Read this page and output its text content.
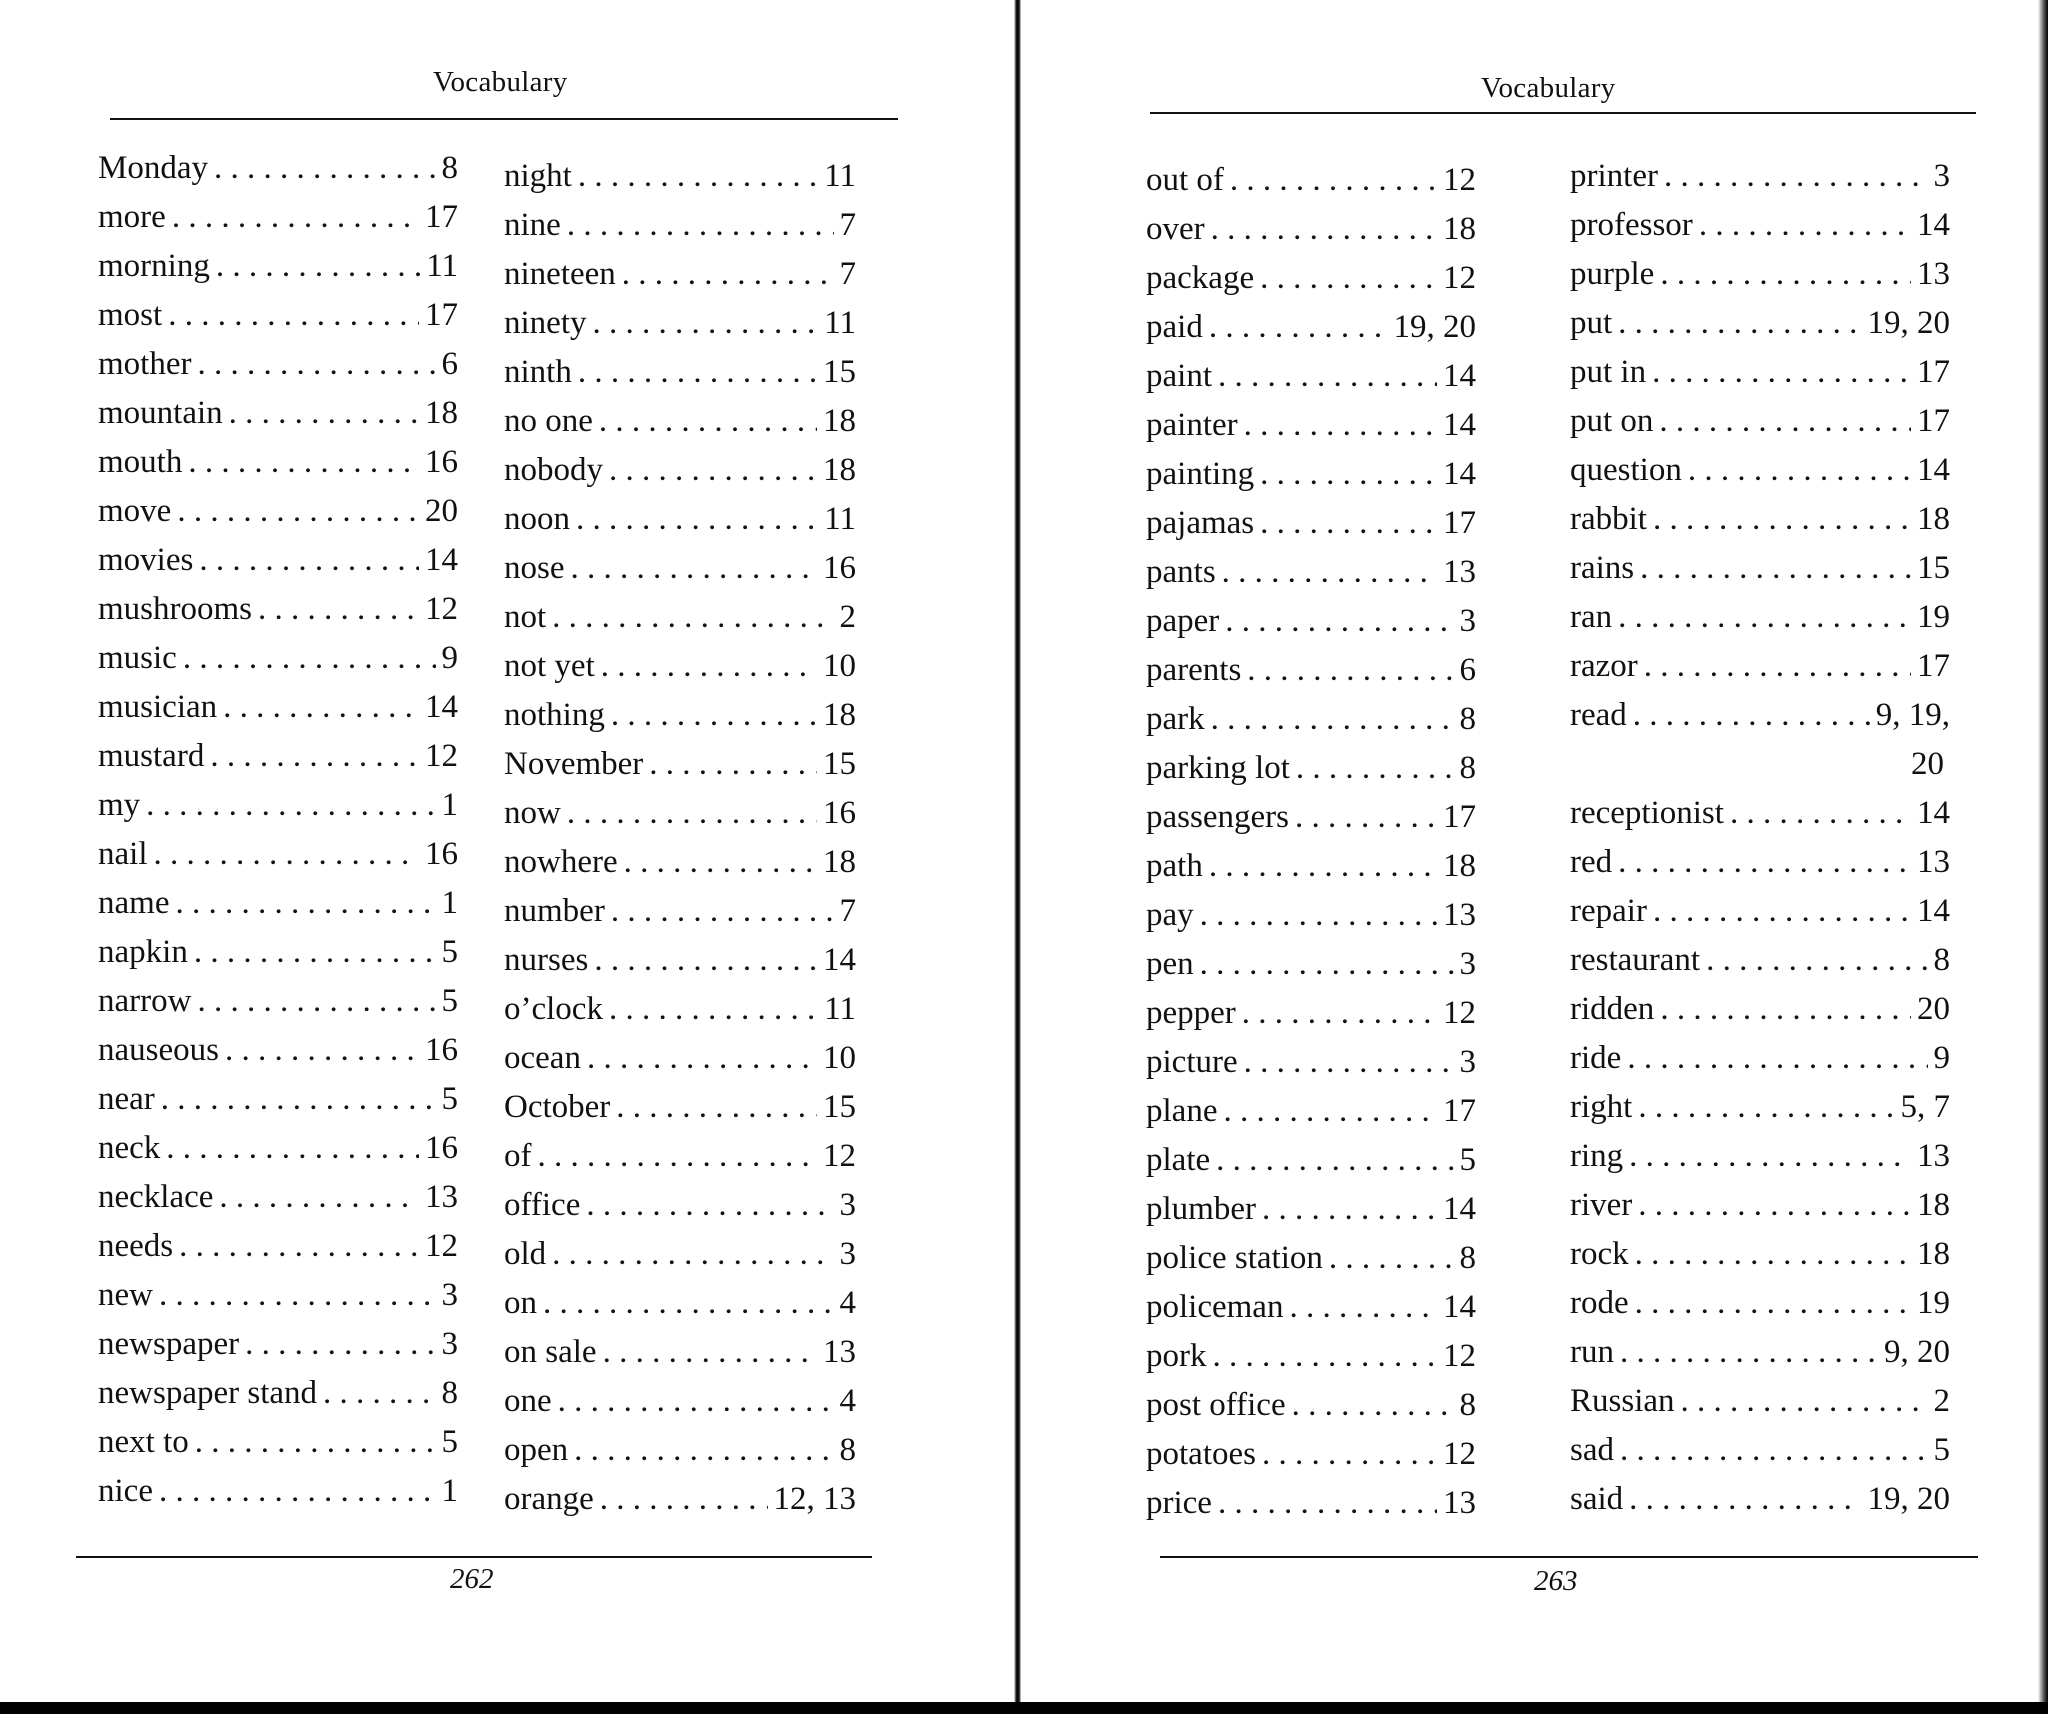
Vocabulary
Monday . . .	8
more . . .	17
morning . . .	11
most . . .	17
mother . . .	6
mountain . . .	18
mouth . . .	16
move . . .	20
movies . . .	14
mushrooms . . .	12
music . . .	9
musician . . .	14
mustard . . .	12
my . . .	1
nail . . .	16
name . . .	1
napkin . . .	5
narrow . . .	5
nauseous . . .	16
near . . .	5
neck . . .	16
necklace . . .	13
needs . . .	12
new . . .	3
newspaper . . .	3
newspaper stand . . .	8
next to . . .	5
nice . . .	1
night . . .	11
nine . . .	7
nineteen . . .	7
ninety . . .	11
ninth . . .	15
no one . . .	18
nobody . . .	18
noon . . .	11
nose . . .	16
not . . .	2
not yet . . .	10
nothing . . .	18
November . . .	15
now . . .	16
nowhere . . .	18
number . . .	7
nurses . . .	14
o’clock . . .	11
ocean . . .	10
October . . .	15
of . . .	12
office . . .	3
old . . .	3
on . . .	4
on sale . . .	13
one . . .	4
open . . .	8
orange . . .	12, 13
262
Vocabulary
out of . . .	12
over . . .	18
package . . .	12
paid . . .	19, 20
paint . . .	14
painter . . .	14
painting . . .	14
pajamas . . .	17
pants . . .	13
paper . . .	3
parents . . .	6
park . . .	8
parking lot . . .	8
passengers . . .	17
path . . .	18
pay . . .	13
pen . . .	3
pepper . . .	12
picture . . .	3
plane . . .	17
plate . . .	5
plumber . . .	14
police station . . .	8
policeman . . .	14
pork . . .	12
post office . . .	8
potatoes . . .	12
price . . .	13
printer . . .	3
professor . . .	14
purple . . .	13
put . . .	19, 20
put in . . .	17
put on . . .	17
question . . .	14
rabbit . . .	18
rains . . .	15
ran . . .	19
razor . . .	17
read . . .	9, 19,
20
receptionist . . .	14
red . . .	13
repair . . .	14
restaurant . . .	8
ridden . . .	20
ride . . .	9
right . . .	5, 7
ring . . .	13
river . . .	18
rock . . .	18
rode . . .	19
run . . .	9, 20
Russian . . .	2
sad . . .	5
said . . .	19, 20
263
